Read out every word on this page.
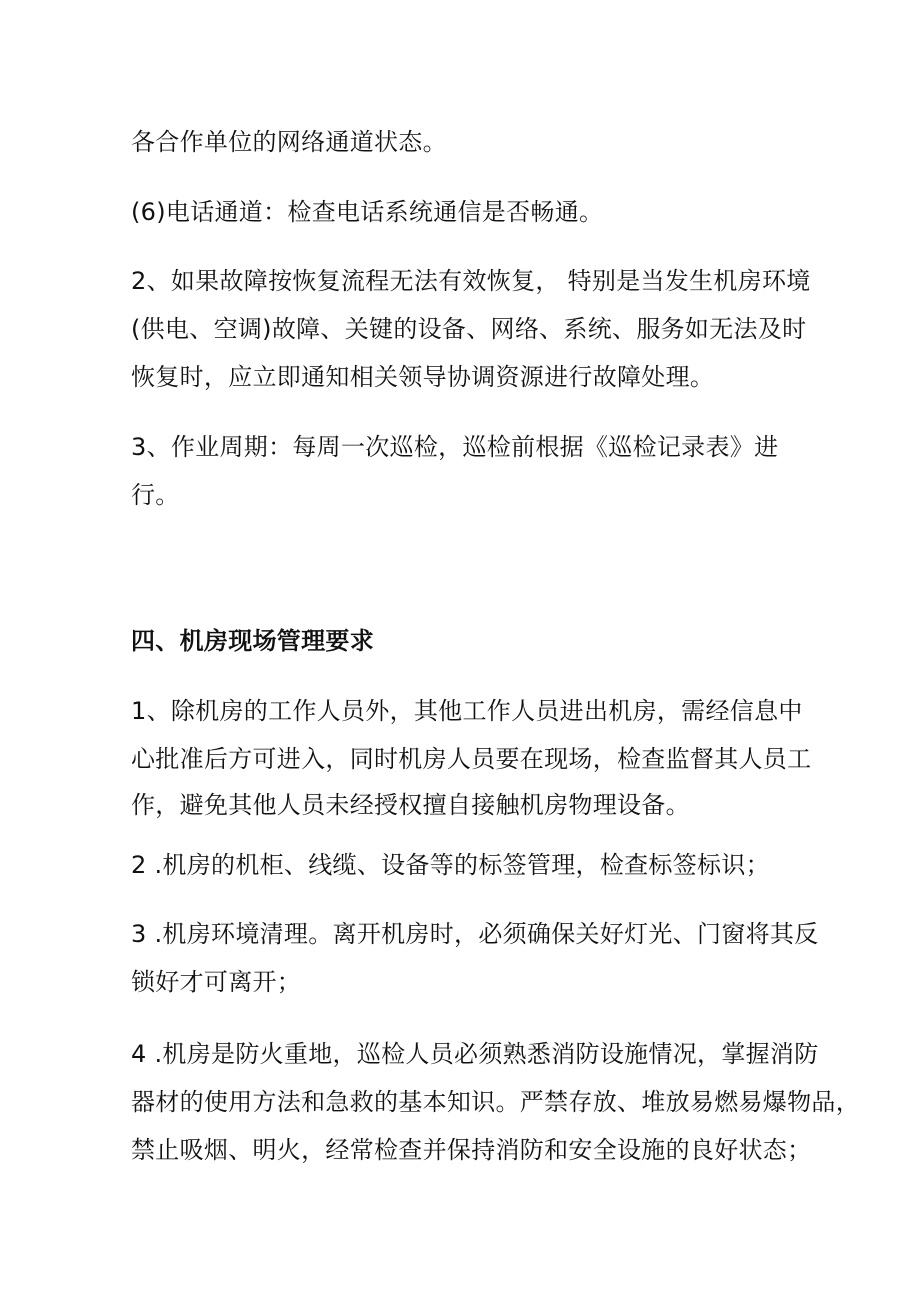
各合作单位的网络通道状态。
(6)电话通道：检查电话系统通信是否畅通。
2、如果故障按恢复流程无法有效恢复， 特别是当发生机房环境
(供电、空调)故障、关键的设备、网络、系统、服务如无法及时
恢复时，应立即通知相关领导协调资源进行故障处理。
3、作业周期：每周一次巡检，巡检前根据《巡检记录表》进
行。
四、机房现场管理要求
1、除机房的工作人员外，其他工作人员进出机房，需经信息中
心批准后方可进入，同时机房人员要在现场，检查监督其人员工
作，避免其他人员未经授权擅自接触机房物理设备。
2 .机房的机柜、线缆、设备等的标签管理，检查标签标识；
3 .机房环境清理。离开机房时，必须确保关好灯光、门窗将其反
锁好才可离开；
4 .机房是防火重地，巡检人员必须熟悉消防设施情况，掌握消防
器材的使用方法和急救的基本知识。严禁存放、堆放易燃易爆物品，
禁止吸烟、明火，经常检查并保持消防和安全设施的良好状态；
